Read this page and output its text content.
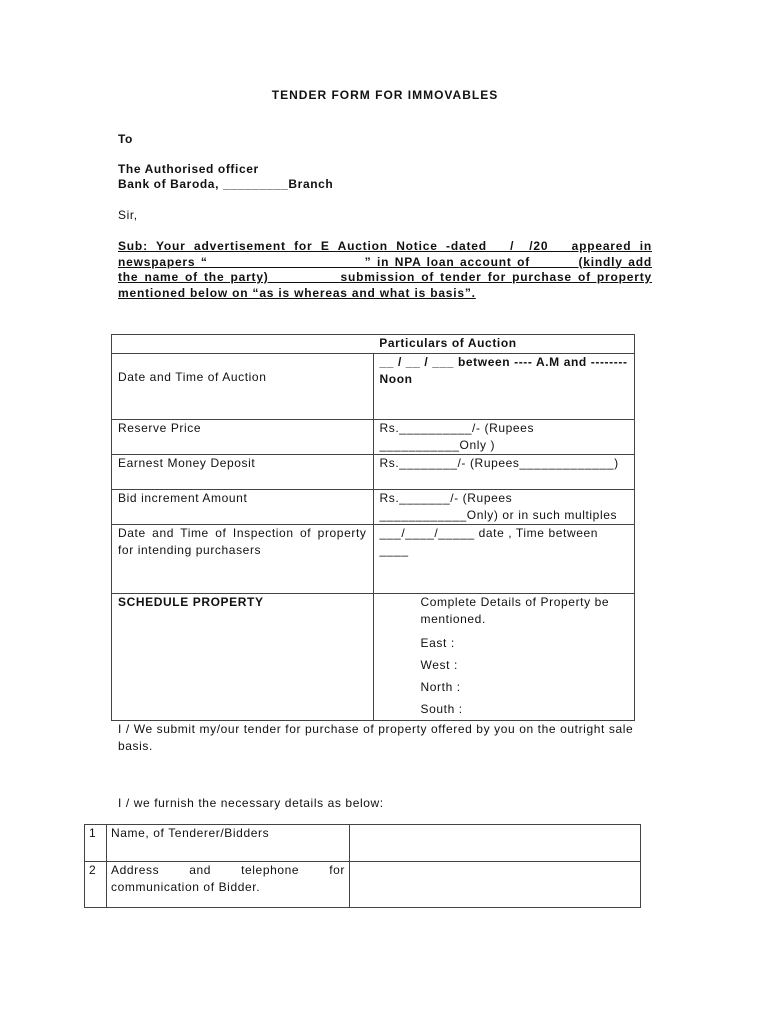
TENDER FORM FOR IMMOVABLES
To
The Authorised officer
Bank of Baroda, _________Branch
Sir,
Sub: Your advertisement for E Auction Notice -dated __/__/20__ appeared in
newspapers “_____________________” in NPA loan account of _____ (kindly add
the name of the party) ________ submission of tender for purchase of property
mentioned below on “as is whereas and what is basis”.
Particulars of Auction	

Date and Time of Auction	__ / __ / ___ between ---- A.M and -------- Noon
Reserve Price	Rs.__________/- (Rupees ___________Only )
Earnest Money Deposit	Rs.________/- (Rupees_____________)
Bid increment Amount	Rs._______/- (Rupees ____________Only) or in such multiples
Date and Time of Inspection of property for intending purchasers	___/____/_____ date , Time between ____
SCHEDULE PROPERTY	Complete Details of Property be mentioned.
East :
West :
North :
South :
I / We submit my/our tender for purchase of property offered by you on the outright sale basis.
I / we furnish the necessary details as below:
1	Name, of Tenderer/Bidders	
2	Address and telephone for communication of Bidder.	
